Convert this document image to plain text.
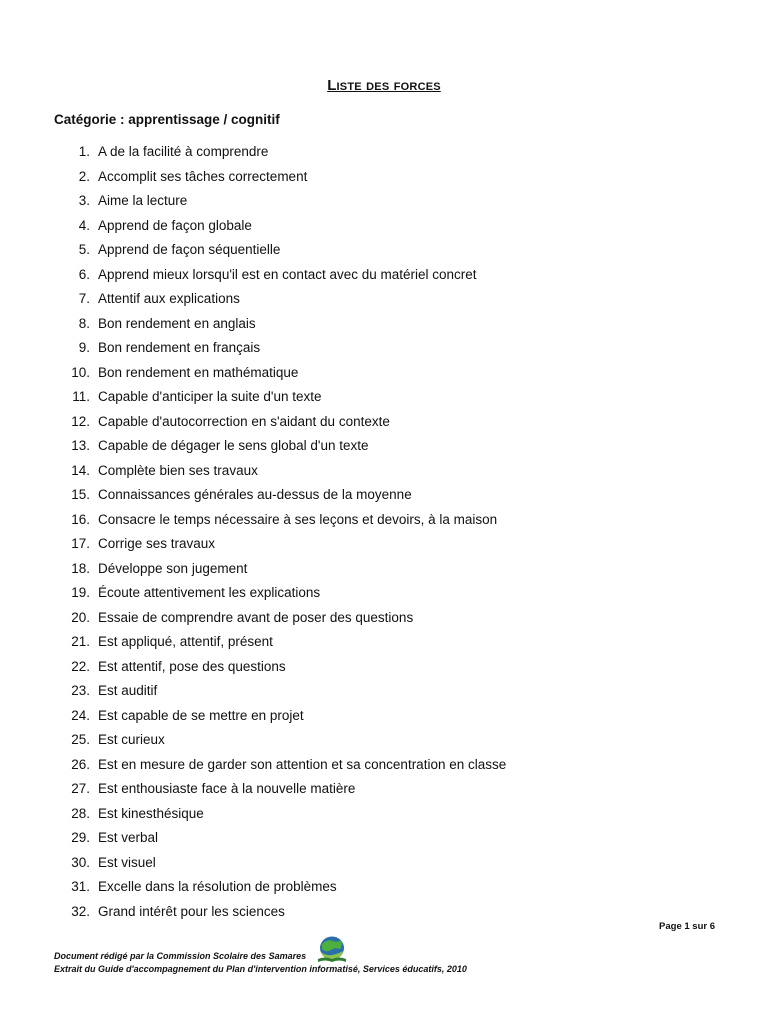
Liste des forces
Catégorie : apprentissage / cognitif
1. A de la facilité à comprendre
2. Accomplit ses tâches correctement
3. Aime la lecture
4. Apprend de façon globale
5. Apprend de façon séquentielle
6. Apprend mieux lorsqu'il est en contact avec du matériel concret
7. Attentif aux explications
8. Bon rendement en anglais
9. Bon rendement en français
10. Bon rendement en mathématique
11. Capable d'anticiper la suite d'un texte
12. Capable d'autocorrection en s'aidant du contexte
13. Capable de dégager le sens global d'un texte
14. Complète bien ses travaux
15. Connaissances générales au-dessus de la moyenne
16. Consacre le temps nécessaire à ses leçons et devoirs, à la maison
17. Corrige ses travaux
18. Développe son jugement
19. Écoute attentivement les explications
20. Essaie de comprendre avant de poser des questions
21. Est appliqué, attentif, présent
22. Est attentif, pose des questions
23. Est auditif
24. Est capable de se mettre en projet
25. Est curieux
26. Est en mesure de garder son attention et sa concentration en classe
27. Est enthousiaste face à la nouvelle matière
28. Est kinesthésique
29. Est verbal
30. Est visuel
31. Excelle dans la résolution de problèmes
32. Grand intérêt pour les sciences
Page 1 sur 6
Document rédigé par la Commission Scolaire des Samares
Extrait du Guide d'accompagnement du Plan d'intervention informatisé, Services éducatifs, 2010
